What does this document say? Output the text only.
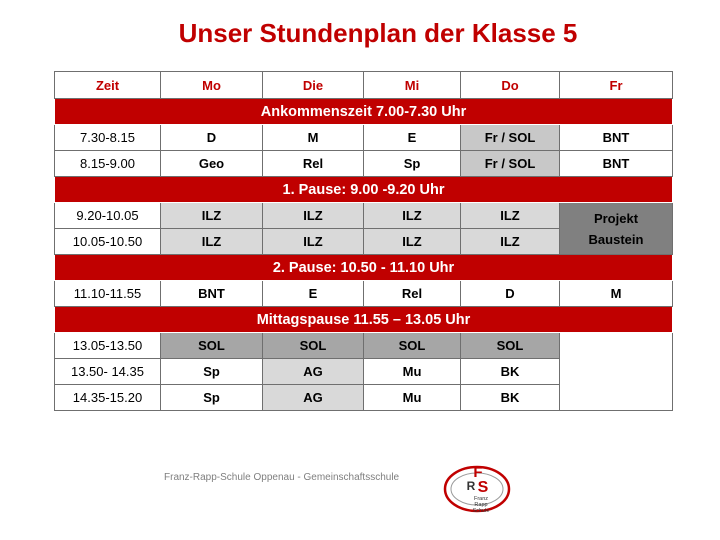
Unser Stundenplan der Klasse 5
Zeit	Mo	Die	Mi	Do	Fr
Ankommenszeit 7.00-7.30 Uhr					
7.30-8.15	D	M	E	Fr / SOL	BNT
8.15-9.00	Geo	Rel	Sp	Fr / SOL	BNT
1. Pause: 9.00 -9.20 Uhr					
9.20-10.05	ILZ	ILZ	ILZ	ILZ	Projekt
Baustein

10.05-10.50	ILZ	ILZ	ILZ	ILZ	
2. Pause: 10.50 - 11.10 Uhr					
11.10-11.55	BNT	E	Rel	D	M
Mittagspause 11.55 – 13.05 Uhr					
13.05-13.50	SOL	SOL	SOL	SOL	
13.50- 14.35	Sp	AG	Mu	BK	
14.35-15.20	Sp	AG	Mu	BK	
Franz-Rapp-Schule Oppenau - Gemeinschaftsschule	F
R S
Franz
Rapp
Schule
